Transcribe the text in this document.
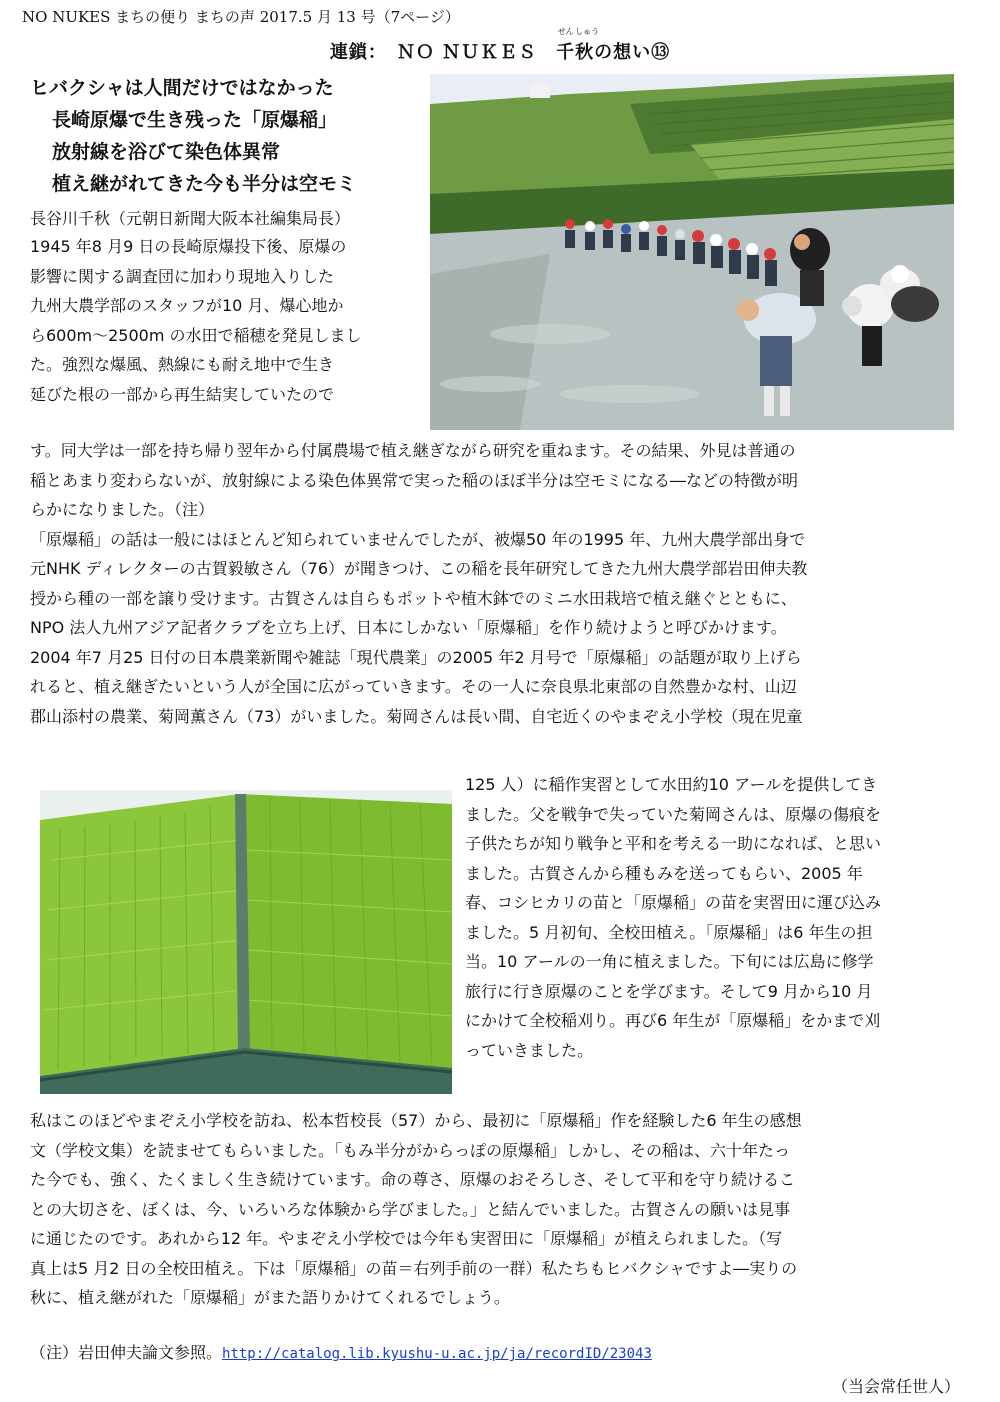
NO NUKES まちの便り まちの声 2017.5 月 13 号（7ページ）
連鎖：　ＮＯ ＮＵＫＥＳ　
せん
千
しゅう
秋の想い⑬
ヒバクシャは人間だけではなかった
長崎原爆で生き残った「原爆稲」
放射線を浴びて染色体異常
植え継がれてきた今も半分は空モミ
長谷川千秋（元朝日新聞大阪本社編集局長）

1945 年8 月9 日の長崎原爆投下後、原爆の

影響に関する調査団に加わり現地入りした

九州大農学部のスタッフが10 月、爆心地か

ら600m～2500m の水田で稲穂を発見しまし

た。強烈な爆風、熱線にも耐え地中で生き

延びた根の一部から再生結実していたので

す。同大学は一部を持ち帰り翌年から付属農場で植え継ぎながら研究を重ねます。その結果、外見は普通の

稲とあまり変わらないが、放射線による染色体異常で実った稲のほぼ半分は空モミになる―などの特徴が明

らかになりました。（注）

「原爆稲」の話は一般にはほとんど知られていませんでしたが、被爆50 年の1995 年、九州大農学部出身で

元NHK ディレクターの古賀毅敏さん（76）が聞きつけ、この稲を長年研究してきた九州大農学部岩田伸夫教

授から種の一部を譲り受けます。古賀さんは自らもポットや植木鉢でのミニ水田栽培で植え継ぐとともに、

NPO 法人九州アジア記者クラブを立ち上げ、日本にしかない「原爆稲」を作り続けようと呼びかけます。

2004 年7 月25 日付の日本農業新聞や雑誌「現代農業」の2005 年2 月号で「原爆稲」の話題が取り上げら

れると、植え継ぎたいという人が全国に広がっていきます。その一人に奈良県北東部の自然豊かな村、山辺

郡山添村の農業、菊岡薫さん（73）がいました。菊岡さんは長い間、自宅近くのやまぞえ小学校（現在児童

125 人）に稲作実習として水田約10 アールを提供してき

ました。父を戦争で失っていた菊岡さんは、原爆の傷痕を

子供たちが知り戦争と平和を考える一助になれば、と思い

ました。古賀さんから種もみを送ってもらい、2005 年

春、コシヒカリの苗と「原爆稲」の苗を実習田に運び込み

ました。5 月初旬、全校田植え。「原爆稲」は6 年生の担

当。10 アールの一角に植えました。下旬には広島に修学

旅行に行き原爆のことを学びます。そして9 月から10 月

にかけて全校稲刈り。再び6 年生が「原爆稲」をかまで刈

っていきました。

私はこのほどやまぞえ小学校を訪ね、松本哲校長（57）から、最初に「原爆稲」作を経験した6 年生の感想

文（学校文集）を読ませてもらいました。「もみ半分がからっぽの原爆稲」しかし、その稲は、六十年たっ

た今でも、強く、たくましく生き続けています。命の尊さ、原爆のおそろしさ、そして平和を守り続けるこ

との大切さを、ぼくは、今、いろいろな体験から学びました。」と結んでいました。古賀さんの願いは見事

に通じたのです。あれから12 年。やまぞえ小学校では今年も実習田に「原爆稲」が植えられました。（写

真上は5 月2 日の全校田植え。下は「原爆稲」の苗＝右列手前の一群）私たちもヒバクシャですよ―実りの

秋に、植え継がれた「原爆稲」がまた語りかけてくれるでしょう。

（注）岩田伸夫論文参照。http://catalog.lib.kyushu-u.ac.jp/ja/recordID/23043
（当会常任世人）
